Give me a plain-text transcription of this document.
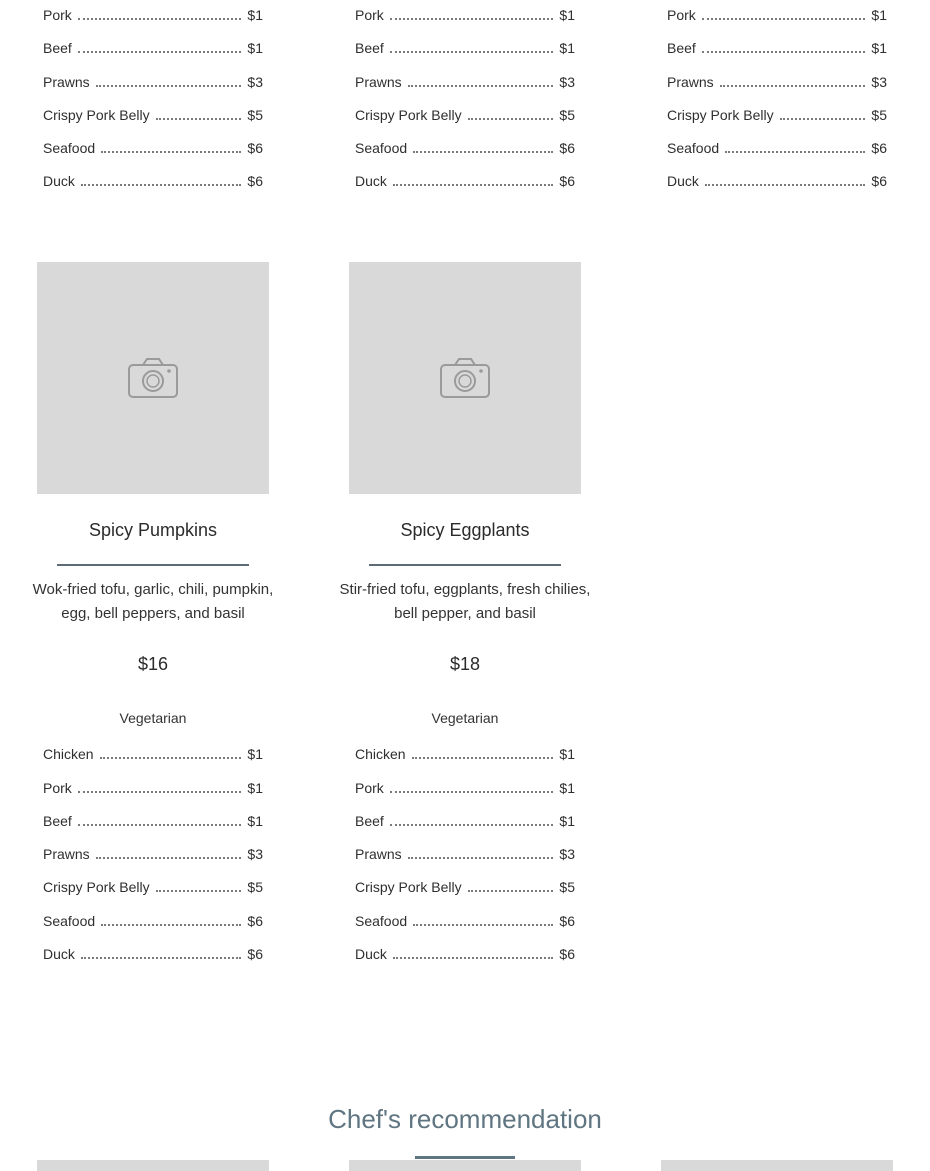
Pork	$1
Beef	$1
Prawns	$3
Crispy Pork Belly	$5
Seafood	$6
Duck	$6
Pork	$1
Beef	$1
Prawns	$3
Crispy Pork Belly	$5
Seafood	$6
Duck	$6
Pork	$1
Beef	$1
Prawns	$3
Crispy Pork Belly	$5
Seafood	$6
Duck	$6
Spicy Pumpkins
Wok-fried tofu, garlic, chili, pumpkin, egg, bell peppers, and basil
$16
Vegetarian
Chicken	$1
Pork	$1
Beef	$1
Prawns	$3
Crispy Pork Belly	$5
Seafood	$6
Duck	$6
Spicy Eggplants
Stir-fried tofu, eggplants, fresh chilies, bell pepper, and basil
$18
Vegetarian
Chicken	$1
Pork	$1
Beef	$1
Prawns	$3
Crispy Pork Belly	$5
Seafood	$6
Duck	$6
Chef's recommendation
